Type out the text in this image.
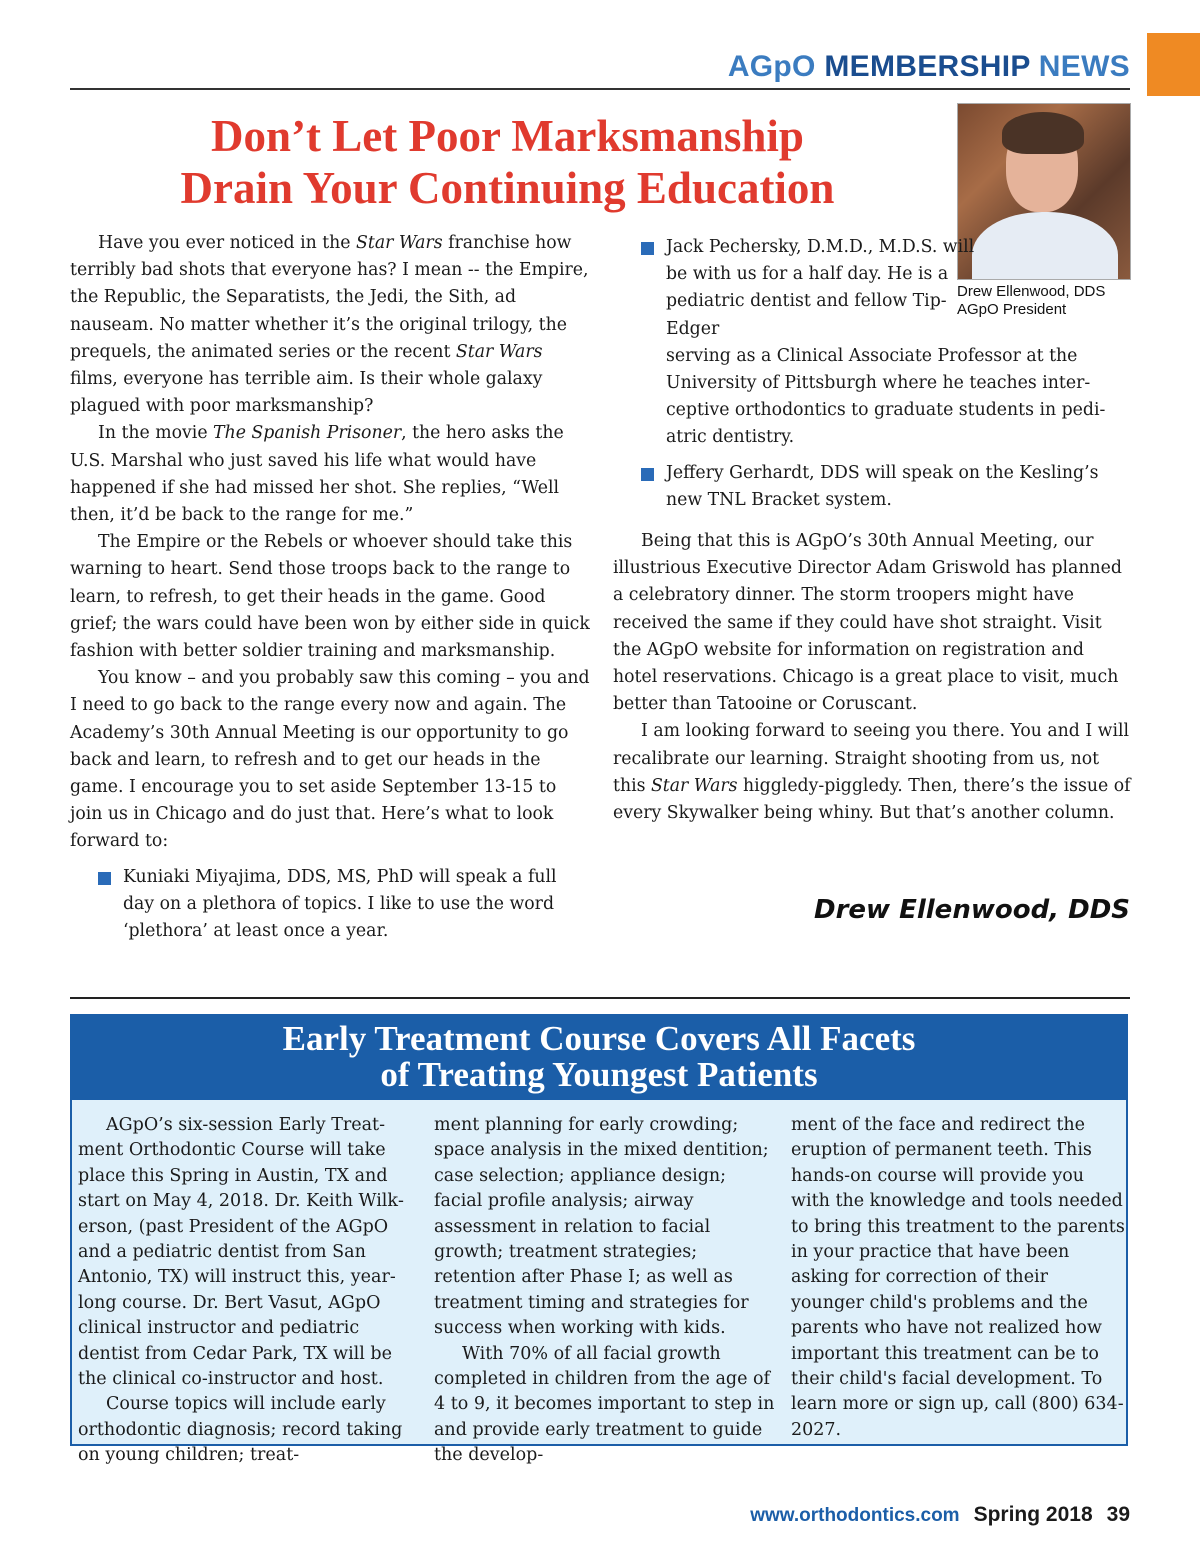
AGpO MEMBERSHIP NEWS
Don’t Let Poor Marksmanship
Drain Your Continuing Education
Drew Ellenwood, DDS
AGpO President

Have you ever noticed in the Star Wars franchise how terribly bad shots that everyone has? I mean -- the Empire, the Republic, the Separatists, the Jedi, the Sith, ad nauseam. No matter whether it’s the original trilogy, the prequels, the animated series or the recent Star Wars films, everyone has terrible aim. Is their whole galaxy plagued with poor marksmanship?

In the movie The Spanish Prisoner, the hero asks the U.S. Marshal who just saved his life what would have happened if she had missed her shot. She replies, “Well then, it’d be back to the range for me.”

The Empire or the Rebels or whoever should take this warning to heart. Send those troops back to the range to learn, to refresh, to get their heads in the game. Good grief; the wars could have been won by either side in quick fashion with better soldier training and marksmanship.

You know – and you probably saw this coming – you and I need to go back to the range every now and again. The Academy’s 30th Annual Meeting is our opportunity to go back and learn, to refresh and to get our heads in the game. I encourage you to set aside September 13-15 to join us in Chicago and do just that. Here’s what to look forward to:

Kuniaki Miyajima, DDS, MS, PhD will speak a full day on a plethora of topics. I like to use the word ‘plethora’ at least once a year.
Jack Pechersky, D.M.D., M.D.S. will be with us for a half day. He is a pediatric dentist and fellow Tip-Edger
serving as a Clinical Associate Professor at the University of Pittsburgh where he teaches interceptive orthodontics to graduate students in pediatric dentistry.
Jeffery Gerhardt, DDS will speak on the Kesling’s new TNL Bracket system.

Being that this is AGpO’s 30th Annual Meeting, our illustrious Executive Director Adam Griswold has planned a celebratory dinner. The storm troopers might have received the same if they could have shot straight. Visit the AGpO website for information on registration and hotel reservations. Chicago is a great place to visit, much better than Tatooine or Coruscant.

I am looking forward to seeing you there. You and I will recalibrate our learning. Straight shooting from us, not this Star Wars higgledy-piggledy. Then, there’s the issue of every Skywalker being whiny. But that’s another column.

Drew Ellenwood, DDS
Early Treatment Course Covers All Facets
of Treating Youngest Patients

AGpO’s six-session Early Treatment Orthodontic Course will take place this Spring in Austin, TX and start on May 4, 2018. Dr. Keith Wilkerson, (past President of the AGpO and a pediatric dentist from San Antonio, TX) will instruct this, year-long course. Dr. Bert Vasut, AGpO clinical instructor and pediatric dentist from Cedar Park, TX will be the clinical co-instructor and host.

Course topics will include early orthodontic diagnosis; record taking on young children; treat-

ment planning for early crowding; space analysis in the mixed dentition; case selection; appliance design; facial profile analysis; airway assessment in relation to facial growth; treatment strategies; retention after Phase I; as well as treatment timing and strategies for success when working with kids.

With 70% of all facial growth completed in children from the age of 4 to 9, it becomes important to step in and provide early treatment to guide the develop-

ment of the face and redirect the eruption of permanent teeth. This hands-on course will provide you with the knowledge and tools needed to bring this treatment to the parents in your practice that have been asking for correction of their younger child's problems and the parents who have not realized how important this treatment can be to their child's facial development. To learn more or sign up, call (800) 634-2027.

www.orthodontics.com Spring 2018 39
